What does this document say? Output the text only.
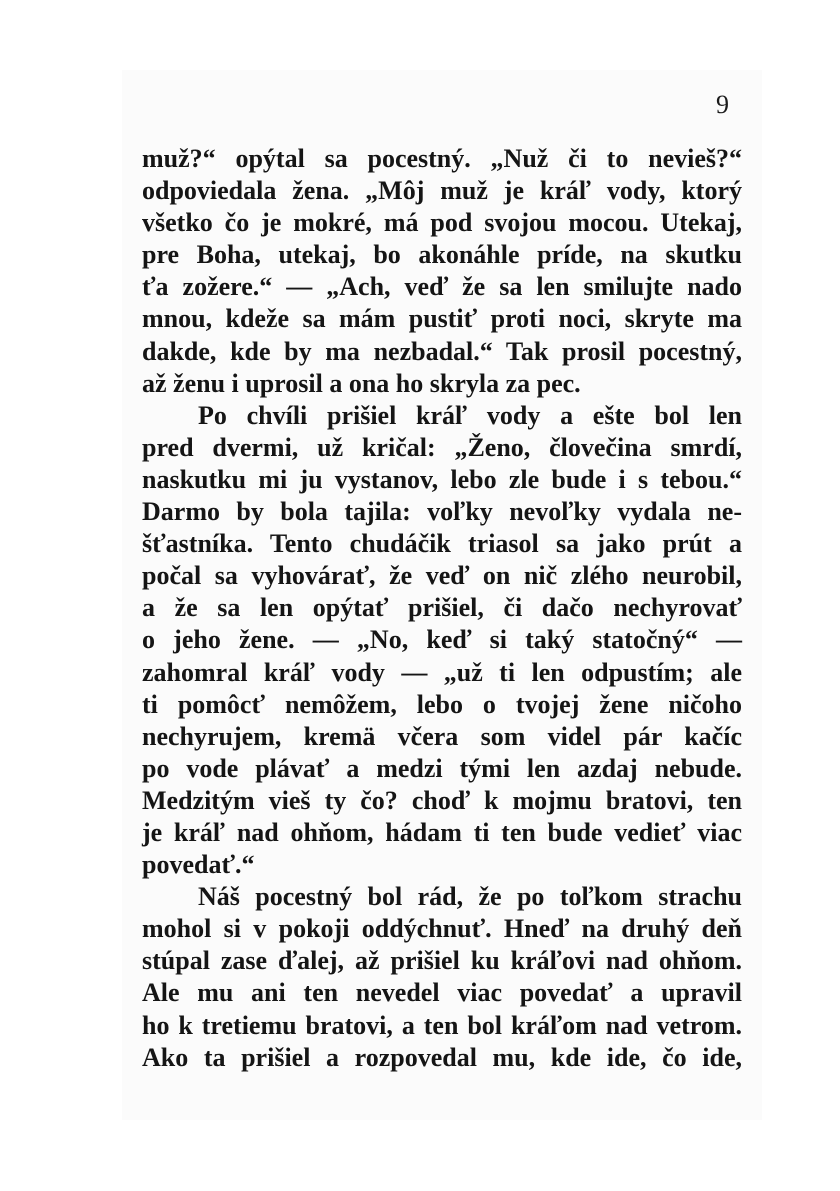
9
muž?“ opýtal sa pocestný. „Nuž či to nevieš?“
odpoviedala žena. „Môj muž je kráľ vody, ktorý
všetko čo je mokré, má pod svojou mocou. Utekaj,
pre Boha, utekaj, bo akonáhle príde, na skutku
ťa zožere.“ — „Ach, veď že sa len smilujte nado
mnou, kdeže sa mám pustiť proti noci, skryte ma
dakde, kde by ma nezbadal.“ Tak prosil pocestný,
až ženu i uprosil a ona ho skryla za pec.
Po chvíli prišiel kráľ vody a ešte bol len
pred dvermi, už kričal: „Ženo, človečina smrdí,
naskutku mi ju vystanov, lebo zle bude i s tebou.“
Darmo by bola tajila: voľky nevoľky vydala ne-
šťastníka. Tento chudáčik triasol sa jako prút a
počal sa vyhovárať, že veď on nič zlého neurobil,
a že sa len opýtať prišiel, či dačo nechyrovať
o jeho žene. — „No, keď si taký statočný“ —
zahomral kráľ vody — „už ti len odpustím; ale
ti pomôcť nemôžem, lebo o tvojej žene ničoho
nechyrujem, kremä včera som videl pár kačíc
po vode plávať a medzi tými len azdaj nebude.
Medzitým vieš ty čo? choď k mojmu bratovi, ten
je kráľ nad ohňom, hádam ti ten bude vedieť viac
povedať.“
Náš pocestný bol rád, že po toľkom strachu
mohol si v pokoji oddýchnuť. Hneď na druhý deň
stúpal zase ďalej, až prišiel ku kráľovi nad ohňom.
Ale mu ani ten nevedel viac povedať a upravil
ho k tretiemu bratovi, a ten bol kráľom nad vetrom.
Ako ta prišiel a rozpovedal mu, kde ide, čo ide,
